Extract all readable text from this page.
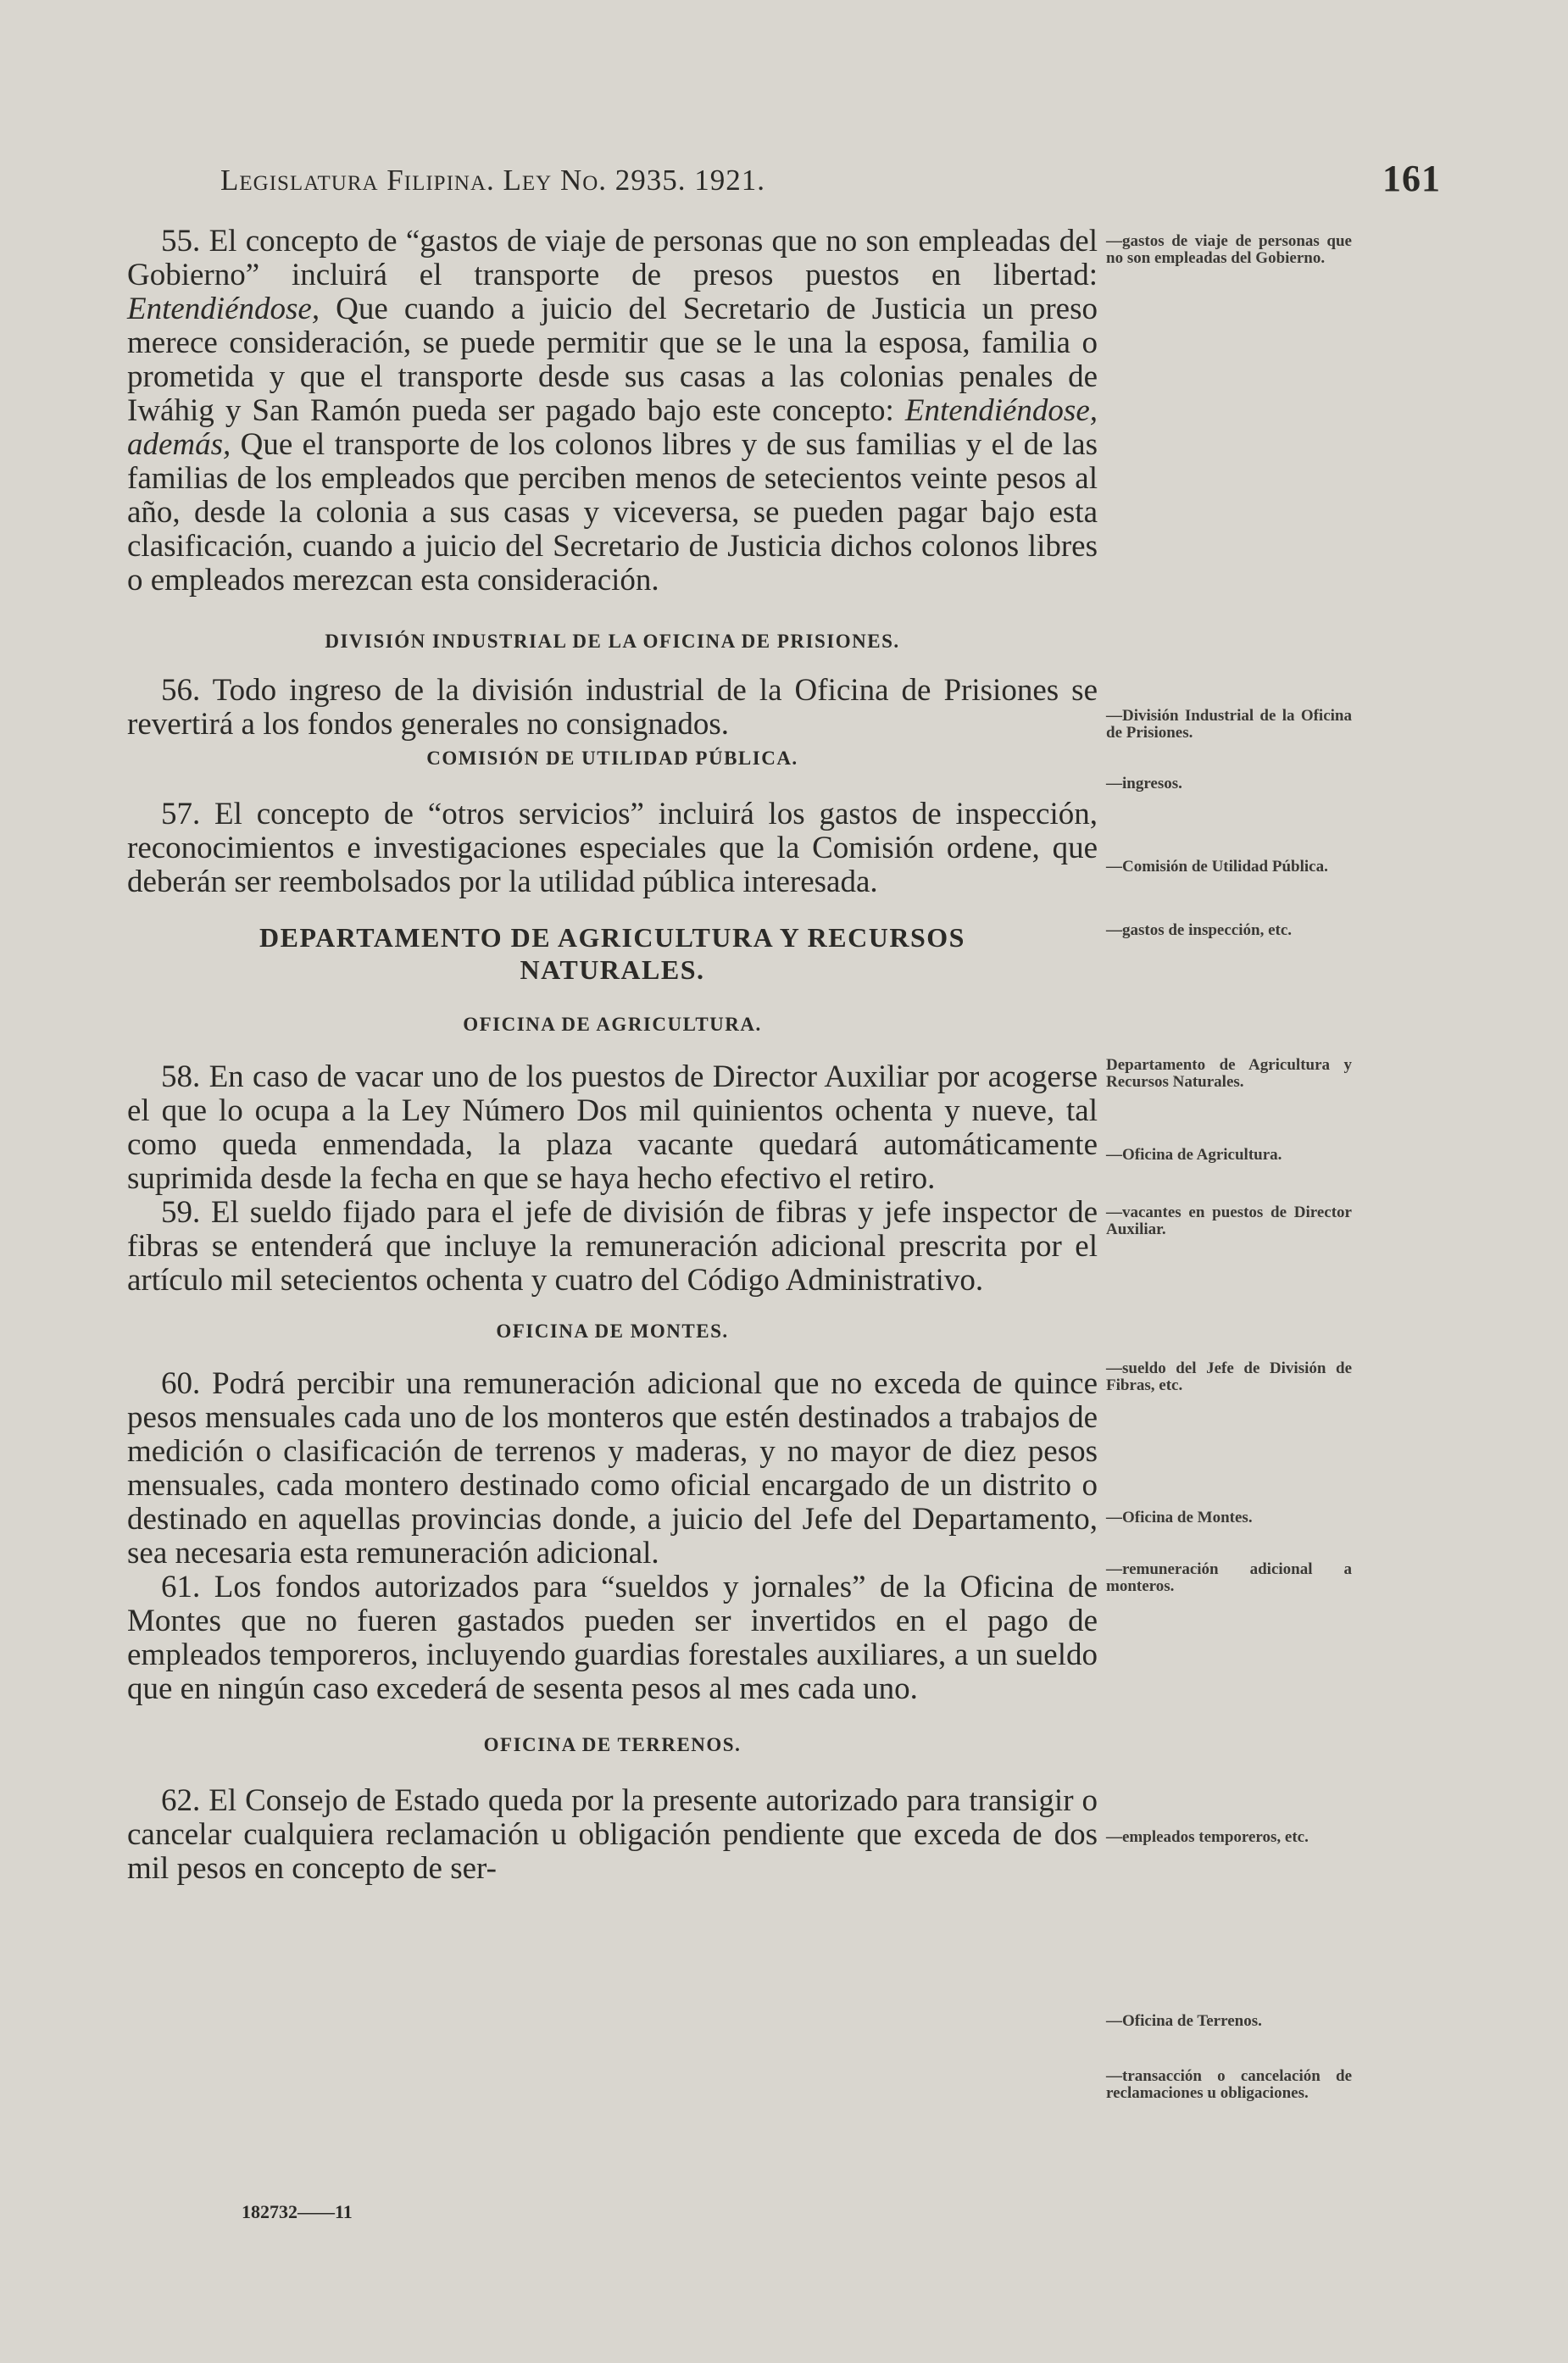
Legislatura Filipina. Ley No. 2935. 1921.	161

55. El concepto de “gastos de viaje de personas que no son empleadas del Gobierno” incluirá el transporte de presos puestos en libertad: Entendiéndose, Que cuando a juicio del Secretario de Justicia un preso merece consideración, se puede permitir que se le una la esposa, familia o prometida y que el transporte desde sus casas a las colonias penales de Iwáhig y San Ramón pueda ser pagado bajo este concepto: Entendiéndose, además, Que el transporte de los colonos libres y de sus familias y el de las familias de los empleados que perciben menos de setecientos veinte pesos al año, desde la colonia a sus casas y viceversa, se pueden pagar bajo esta clasificación, cuando a juicio del Secretario de Justicia dichos colonos libres o empleados merezcan esta consideración.

DIVISIÓN INDUSTRIAL DE LA OFICINA DE PRISIONES.

56. Todo ingreso de la división industrial de la Oficina de Prisiones se revertirá a los fondos generales no consignados.

COMISIÓN DE UTILIDAD PÚBLICA.

57. El concepto de “otros servicios” incluirá los gastos de inspección, reconocimientos e investigaciones especiales que la Comisión ordene, que deberán ser reembolsados por la utilidad pública interesada.

DEPARTAMENTO DE AGRICULTURA Y RECURSOS NATURALES.

OFICINA DE AGRICULTURA.

58. En caso de vacar uno de los puestos de Director Auxiliar por acogerse el que lo ocupa a la Ley Número Dos mil quinientos ochenta y nueve, tal como queda enmendada, la plaza vacante quedará automáticamente suprimida desde la fecha en que se haya hecho efectivo el retiro.

59. El sueldo fijado para el jefe de división de fibras y jefe inspector de fibras se entenderá que incluye la remuneración adicional prescrita por el artículo mil setecientos ochenta y cuatro del Código Administrativo.

OFICINA DE MONTES.

60. Podrá percibir una remuneración adicional que no exceda de quince pesos mensuales cada uno de los monteros que estén destinados a trabajos de medición o clasificación de terrenos y maderas, y no mayor de diez pesos mensuales, cada montero destinado como oficial encargado de un distrito o destinado en aquellas provincias donde, a juicio del Jefe del Departamento, sea necesaria esta remuneración adicional.

61. Los fondos autorizados para “sueldos y jornales” de la Oficina de Montes que no fueren gastados pueden ser invertidos en el pago de empleados temporeros, incluyendo guardias forestales auxiliares, a un sueldo que en ningún caso excederá de sesenta pesos al mes cada uno.

OFICINA DE TERRENOS.

62. El Consejo de Estado queda por la presente autorizado para transigir o cancelar cualquiera reclamación u obligación pendiente que exceda de dos mil pesos en concepto de ser-

—gastos de viaje de personas que no son empleadas del Gobierno.
—División Industrial de la Oficina de Prisiones.
—ingresos.
—Comisión de Utilidad Pública.
—gastos de inspección, etc.
Departamento de Agricultura y Recursos Naturales.
—Oficina de Agricultura.
—vacantes en puestos de Director Auxiliar.
—sueldo del Jefe de División de Fibras, etc.
—Oficina de Montes.
—remuneración adicional a monteros.
—empleados temporeros, etc.
—Oficina de Terrenos.
—transacción o cancelación de reclamaciones u obligaciones.
182732——11
